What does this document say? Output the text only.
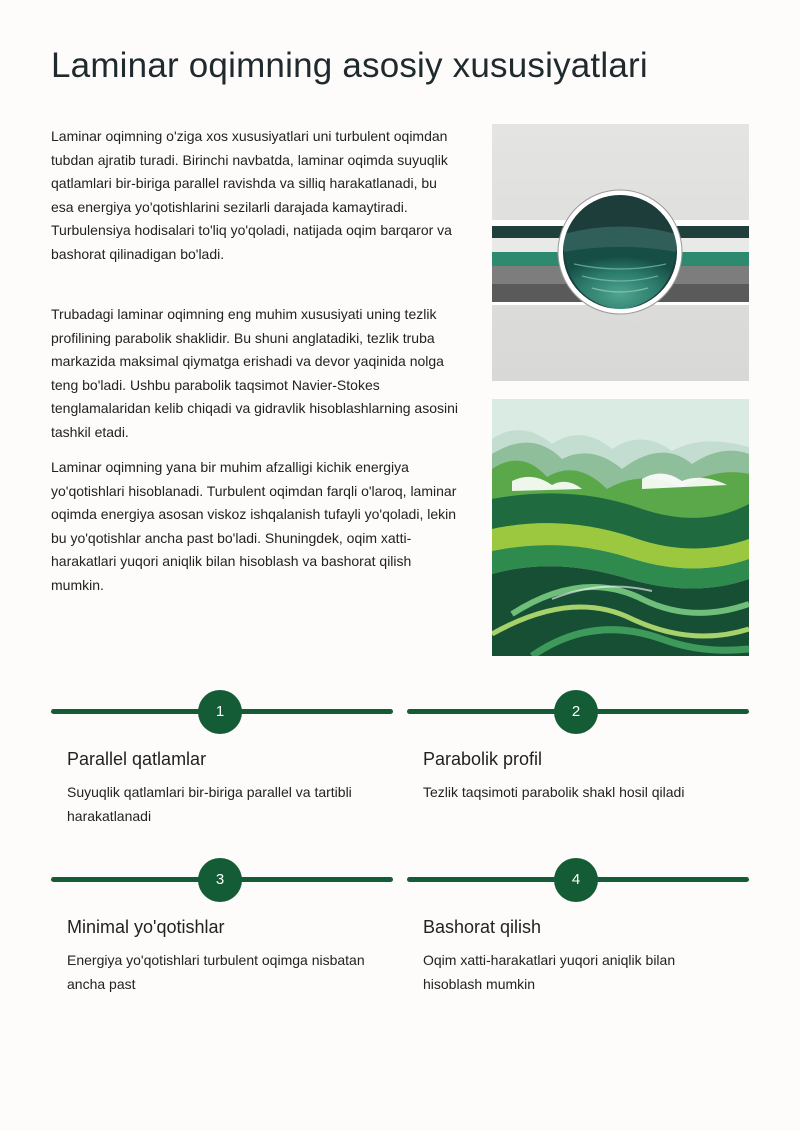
Laminar oqimning asosiy xususiyatlari

Laminar oqimning o'ziga xos xususiyatlari uni turbulent oqimdan tubdan ajratib turadi. Birinchi navbatda, laminar oqimda suyuqlik qatlamlari bir-biriga parallel ravishda va silliq harakatlanadi, bu esa energiya yo'qotishlarini sezilarli darajada kamaytiradi. Turbulensiya hodisalari to'liq yo'qoladi, natijada oqim barqaror va bashorat qilinadigan bo'ladi.

Trubadagi laminar oqimning eng muhim xususiyati uning tezlik profilining parabolik shaklidir. Bu shuni anglatadiki, tezlik truba markazida maksimal qiymatga erishadi va devor yaqinida nolga teng bo'ladi. Ushbu parabolik taqsimot Navier-Stokes tenglamalaridan kelib chiqadi va gidravlik hisoblashlarning asosini tashkil etadi.

Laminar oqimning yana bir muhim afzalligi kichik energiya yo'qotishlari hisoblanadi. Turbulent oqimdan farqli o'laroq, laminar oqimda energiya asosan viskoz ishqalanish tufayli yo'qoladi, lekin bu yo'qotishlar ancha past bo'ladi. Shuningdek, oqim xatti-harakatlari yuqori aniqlik bilan hisoblash va bashorat qilish mumkin.

1
Parallel qatlamlar

Suyuqlik qatlamlari bir-biriga parallel va tartibli harakatlanadi

2
Parabolik profil

Tezlik taqsimoti parabolik shakl hosil qiladi

3
Minimal yo'qotishlar

Energiya yo'qotishlari turbulent oqimga nisbatan ancha past

4
Bashorat qilish

Oqim xatti-harakatlari yuqori aniqlik bilan hisoblash mumkin
